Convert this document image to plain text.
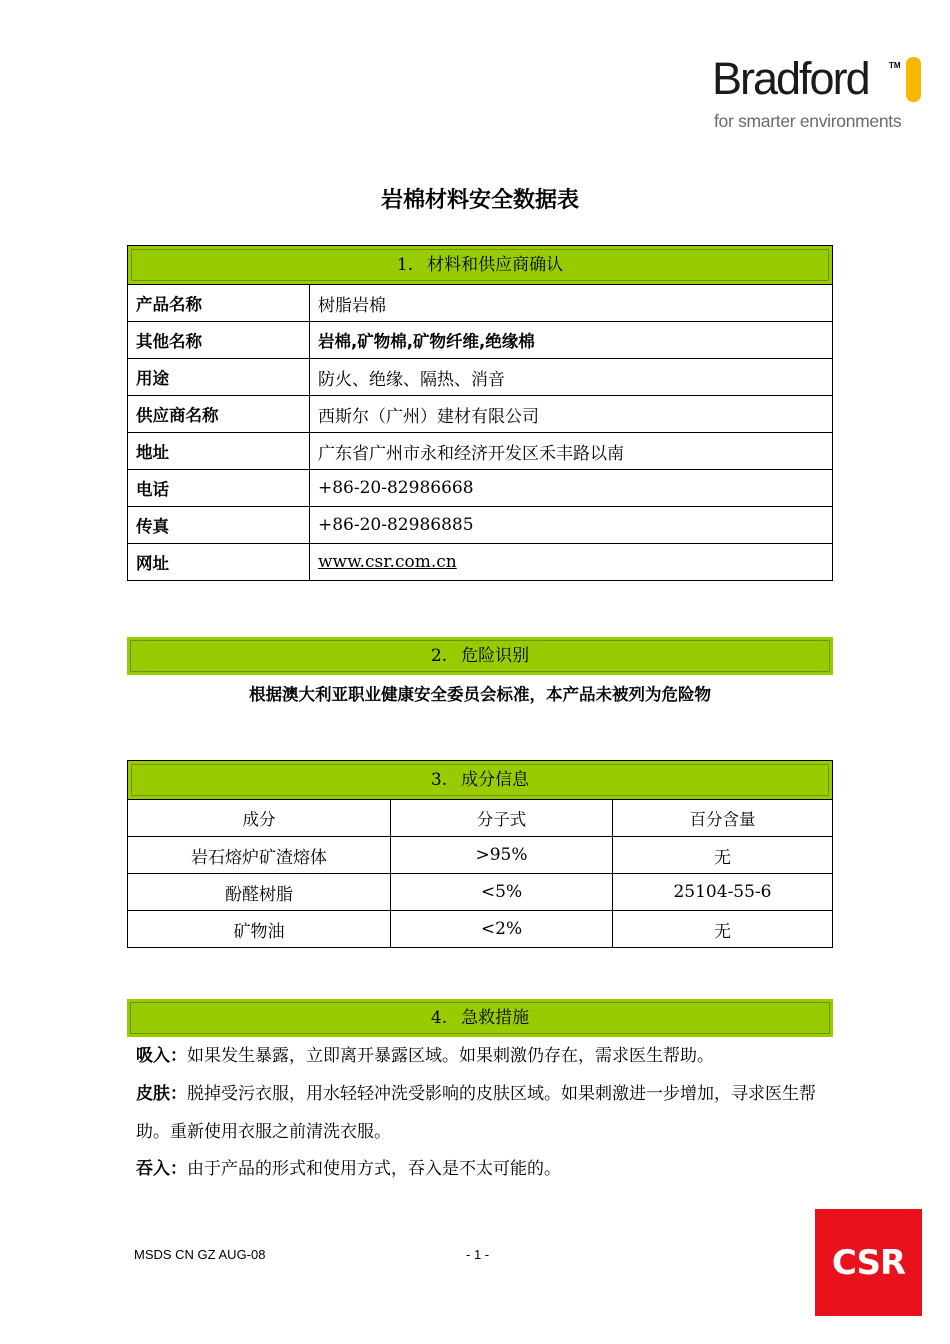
Bradford	TM
for smarter environments
岩棉材料安全数据表
1. 材料和供应商确认	

产品名称	树脂岩棉
其他名称	岩棉,矿物棉,矿物纤维,绝缘棉
用途	防火、绝缘、隔热、消音
供应商名称	西斯尔（广州）建材有限公司
地址	广东省广州市永和经济开发区禾丰路以南
电话	+86-20-82986668
传真	+86-20-82986885
网址	www.csr.com.cn
2. 危险识别
根据澳大利亚职业健康安全委员会标准，本产品未被列为危险物
3. 成分信息		

成分	分子式	百分含量
岩石熔炉矿渣熔体	>95%	无
酚醛树脂	<5%	25104-55-6
矿物油	<2%	无
4. 急救措施
吸入：如果发生暴露，立即离开暴露区域。如果刺激仍存在，需求医生帮助。
皮肤：脱掉受污衣服，用水轻轻冲洗受影响的皮肤区域。如果刺激进一步增加，寻求医生帮助。重新使用衣服之前清洗衣服。
吞入：由于产品的形式和使用方式，吞入是不太可能的。
MSDS CN GZ AUG-08	- 1 -	CSR
